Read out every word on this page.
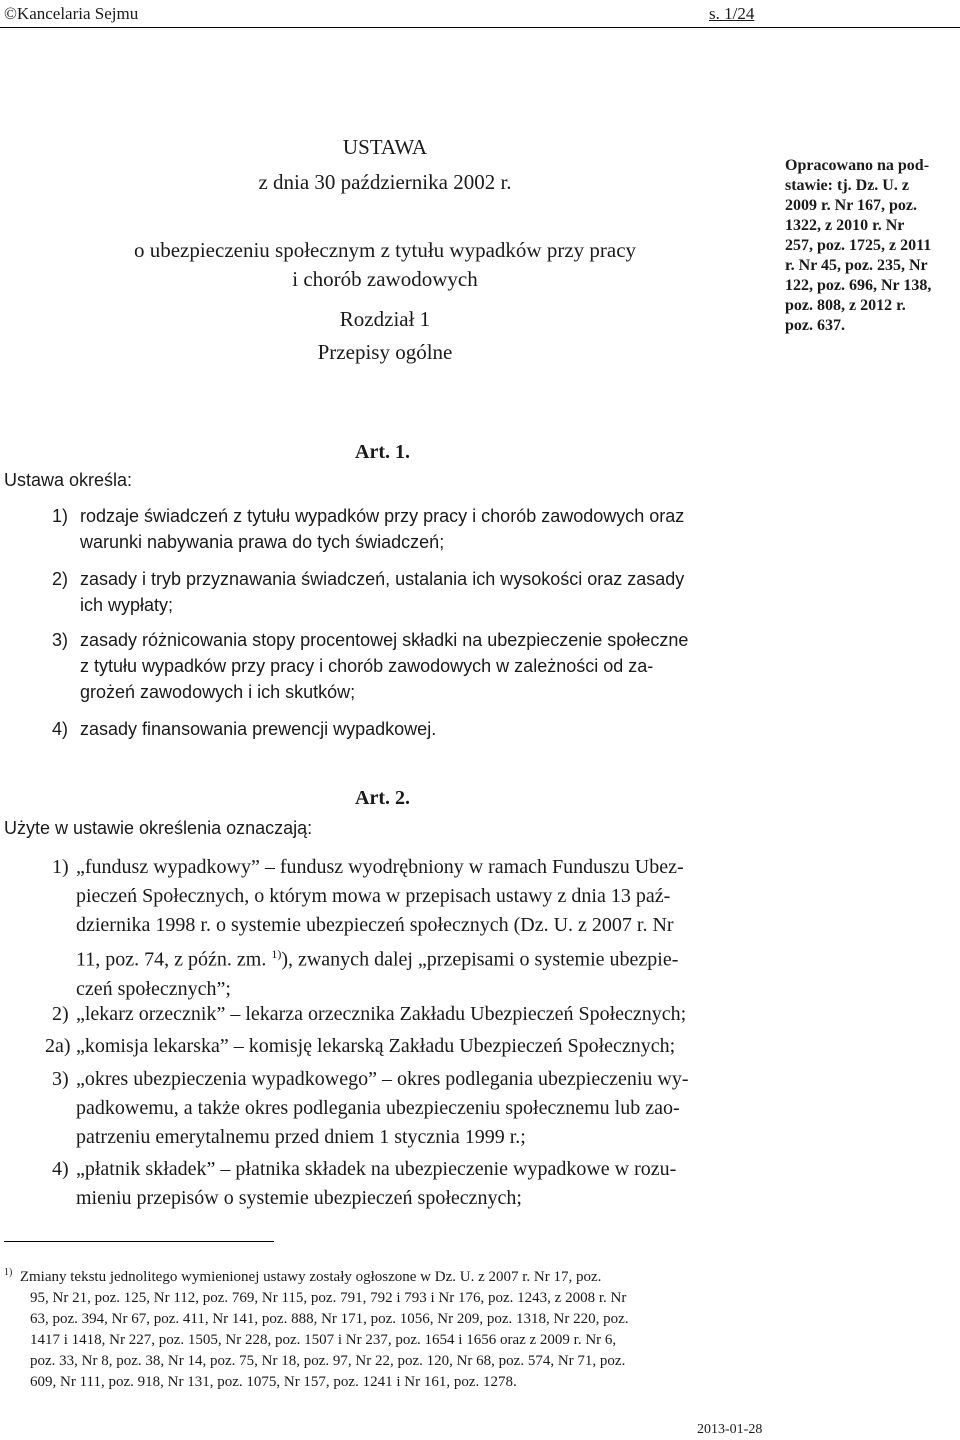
©Kancelaria Sejmu	s. 1/24
USTAWA
z dnia 30 października 2002 r.
o ubezpieczeniu społecznym z tytułu wypadków przy pracy
i chorób zawodowych
Rozdział 1
Przepisy ogólne
Opracowano na pod-
stawie: tj. Dz. U. z
2009 r. Nr 167, poz.
1322, z 2010 r. Nr
257, poz. 1725, z 2011
r. Nr 45, poz. 235, Nr
122, poz. 696, Nr 138,
poz. 808, z 2012 r.
poz. 637.
Art. 1.
Ustawa określa:
1) rodzaje świadczeń z tytułu wypadków przy pracy i chorób zawodowych oraz
warunki nabywania prawa do tych świadczeń;
2) zasady i tryb przyznawania świadczeń, ustalania ich wysokości oraz zasady
ich wypłaty;
3) zasady różnicowania stopy procentowej składki na ubezpieczenie społeczne
z tytułu wypadków przy pracy i chorób zawodowych w zależności od za-
grożeń zawodowych i ich skutków;
4) zasady finansowania prewencji wypadkowej.
Art. 2.
Użyte w ustawie określenia oznaczają:
1) „fundusz wypadkowy” – fundusz wyodrębniony w ramach Funduszu Ubez-
pieczeń Społecznych, o którym mowa w przepisach ustawy z dnia 13 paź-
dziernika 1998 r. o systemie ubezpieczeń społecznych (Dz. U. z 2007 r. Nr
11, poz. 74, z późn. zm. $^{1)}$), zwanych dalej „przepisami o systemie ubezpie-
czeń społecznych”;
2) „lekarz orzecznik” – lekarza orzecznika Zakładu Ubezpieczeń Społecznych;
2a) „komisja lekarska” – komisję lekarską Zakładu Ubezpieczeń Społecznych;
3) „okres ubezpieczenia wypadkowego” – okres podlegania ubezpieczeniu wy-
padkowemu, a także okres podlegania ubezpieczeniu społecznemu lub zao-
patrzeniu emerytalnemu przed dniem 1 stycznia 1999 r.;
4) „płatnik składek” – płatnika składek na ubezpieczenie wypadkowe w rozu-
mieniu przepisów o systemie ubezpieczeń społecznych;
$^{1)}$ Zmiany tekstu jednolitego wymienionej ustawy zostały ogłoszone w Dz. U. z 2007 r. Nr 17, poz.
95, Nr 21, poz. 125, Nr 112, poz. 769, Nr 115, poz. 791, 792 i 793 i Nr 176, poz. 1243, z 2008 r. Nr
63, poz. 394, Nr 67, poz. 411, Nr 141, poz. 888, Nr 171, poz. 1056, Nr 209, poz. 1318, Nr 220, poz.
1417 i 1418, Nr 227, poz. 1505, Nr 228, poz. 1507 i Nr 237, poz. 1654 i 1656 oraz z 2009 r. Nr 6,
poz. 33, Nr 8, poz. 38, Nr 14, poz. 75, Nr 18, poz. 97, Nr 22, poz. 120, Nr 68, poz. 574, Nr 71, poz.
609, Nr 111, poz. 918, Nr 131, poz. 1075, Nr 157, poz. 1241 i Nr 161, poz. 1278.
2013-01-28
